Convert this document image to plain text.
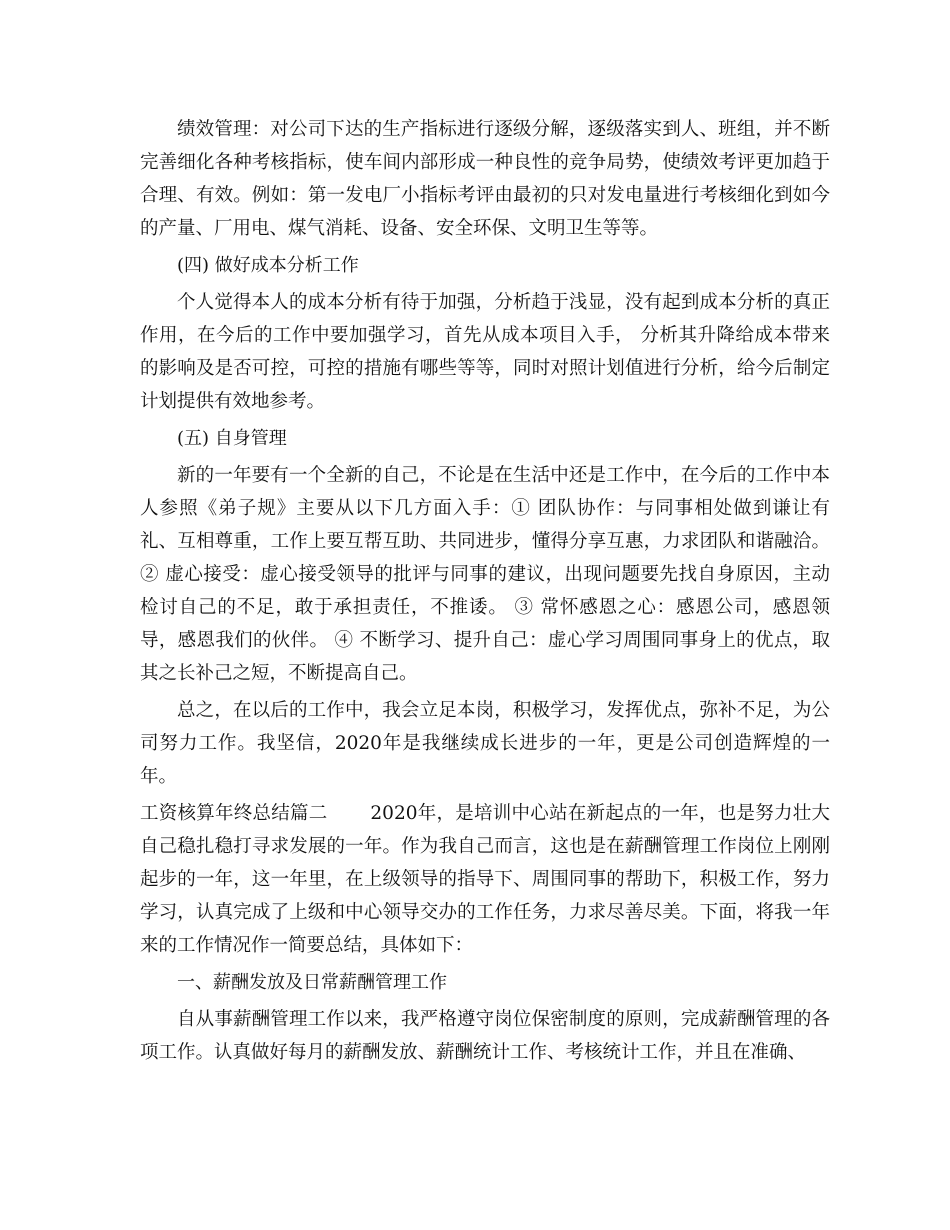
绩效管理：对公司下达的生产指标进行逐级分解，逐级落实到人、班组，并不断完善细化各种考核指标，使车间内部形成一种良性的竞争局势，使绩效考评更加趋于合理、有效。例如：第一发电厂小指标考评由最初的只对发电量进行考核细化到如今的产量、厂用电、煤气消耗、设备、安全环保、文明卫生等等。

(四) 做好成本分析工作

个人觉得本人的成本分析有待于加强，分析趋于浅显，没有起到成本分析的真正作用，在今后的工作中要加强学习，首先从成本项目入手， 分析其升降给成本带来的影响及是否可控，可控的措施有哪些等等，同时对照计划值进行分析，给今后制定计划提供有效地参考。

(五) 自身管理

新的一年要有一个全新的自己，不论是在生活中还是工作中，在今后的工作中本人参照《弟子规》主要从以下几方面入手：① 团队协作：与同事相处做到谦让有礼、互相尊重，工作上要互帮互助、共同进步，懂得分享互惠，力求团队和谐融洽。 ② 虚心接受：虚心接受领导的批评与同事的建议，出现问题要先找自身原因，主动检讨自己的不足，敢于承担责任，不推诿。 ③ 常怀感恩之心：感恩公司，感恩领导，感恩我们的伙伴。 ④ 不断学习、提升自己：虚心学习周围同事身上的优点，取其之长补己之短，不断提高自己。

总之，在以后的工作中，我会立足本岗，积极学习，发挥优点，弥补不足，为公司努力工作。我坚信，2020年是我继续成长进步的一年，更是公司创造辉煌的一年。

工资核算年终总结篇二       2020年，是培训中心站在新起点的一年，也是努力壮大自己稳扎稳打寻求发展的一年。作为我自己而言，这也是在薪酬管理工作岗位上刚刚起步的一年，这一年里，在上级领导的指导下、周围同事的帮助下，积极工作，努力学习，认真完成了上级和中心领导交办的工作任务，力求尽善尽美。下面，将我一年来的工作情况作一简要总结，具体如下：

一、薪酬发放及日常薪酬管理工作

自从事薪酬管理工作以来，我严格遵守岗位保密制度的原则，完成薪酬管理的各项工作。认真做好每月的薪酬发放、薪酬统计工作、考核统计工作，并且在准确、
